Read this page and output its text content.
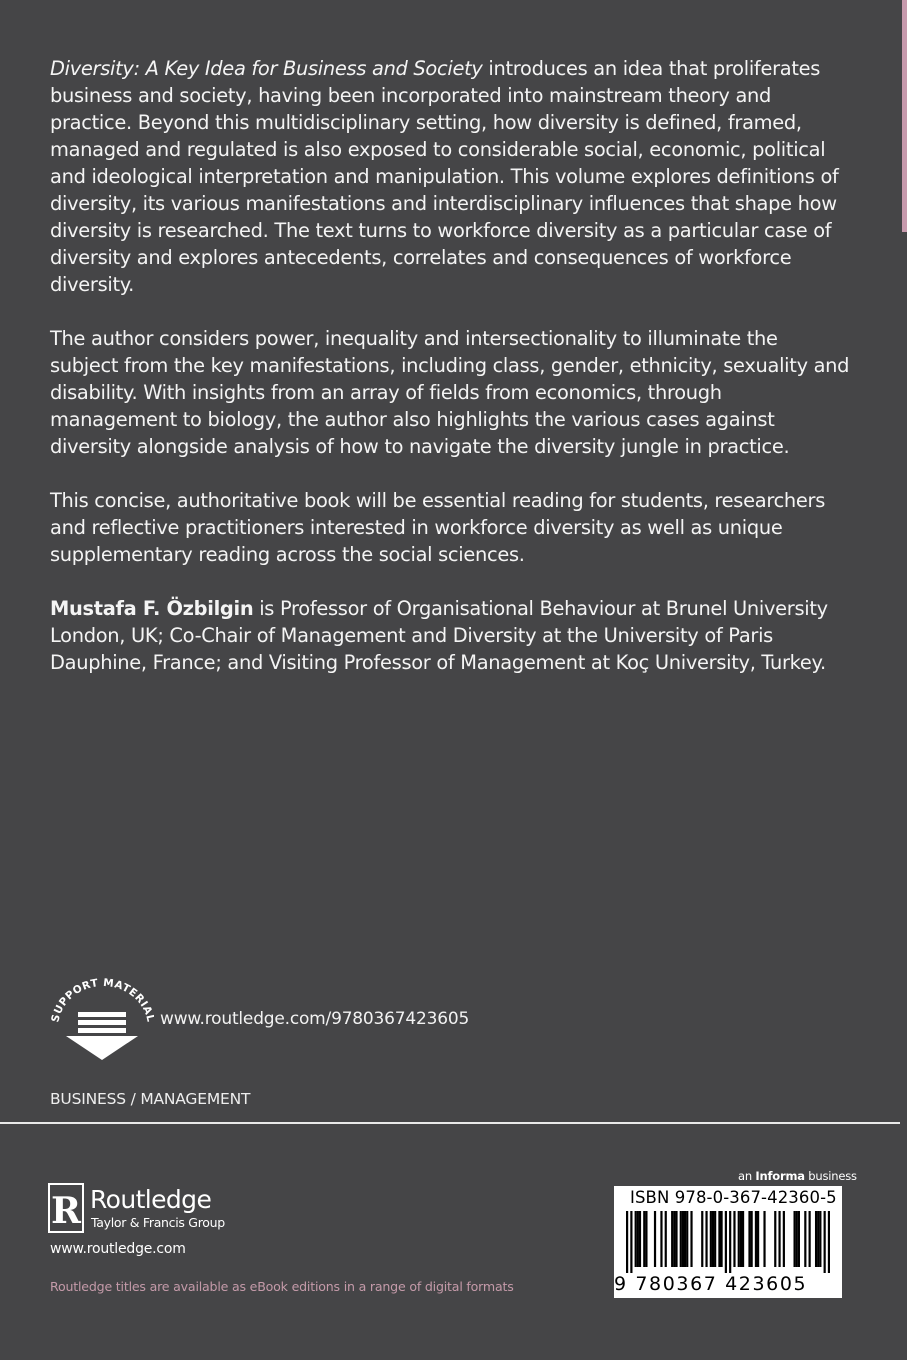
Diversity: A Key Idea for Business and Society introduces an idea that proliferates business and society, having been incorporated into mainstream theory and practice. Beyond this multidisciplinary setting, how diversity is defined, framed, managed and regulated is also exposed to considerable social, economic, political and ideological interpretation and manipulation. This volume explores definitions of diversity, its various manifestations and interdisciplinary influences that shape how diversity is researched. The text turns to workforce diversity as a particular case of diversity and explores antecedents, correlates and consequences of workforce diversity.

The author considers power, inequality and intersectionality to illuminate the subject from the key manifestations, including class, gender, ethnicity, sexuality and disability. With insights from an array of fields from economics, through management to biology, the author also highlights the various cases against diversity alongside analysis of how to navigate the diversity jungle in practice.

This concise, authoritative book will be essential reading for students, researchers and reflective practitioners interested in workforce diversity as well as unique supplementary reading across the social sciences.

Mustafa F. Özbilgin is Professor of Organisational Behaviour at Brunel University London, UK; Co-Chair of Management and Diversity at the University of Paris Dauphine, France; and Visiting Professor of Management at Koç University, Turkey.

SUPPORT MATERIA www.routledge.com/9780367423605
BUSINESS / MANAGEMENT
R Routledge
Taylor & Francis Group
www.routledge.com
Routledge titles are available as eBook editions in a range of digital formats
an Informa business
ISBN 978-0-367-42360-5
9 780367 423605
